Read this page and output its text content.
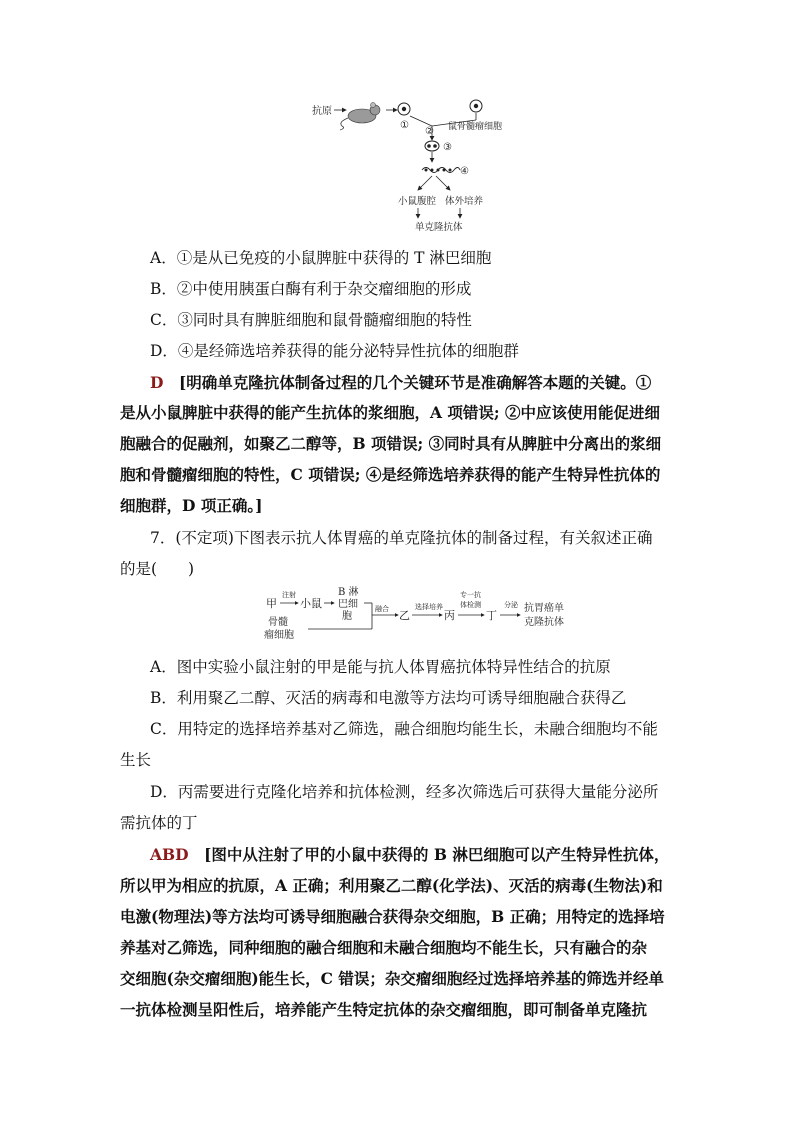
抗原
①	鼠骨髓瘤细胞
②
③
④
小鼠腹腔 体外培养
单克隆抗体
A．①是从已免疫的小鼠脾脏中获得的 T 淋巴细胞
B．②中使用胰蛋白酶有利于杂交瘤细胞的形成
C．③同时具有脾脏细胞和鼠骨髓瘤细胞的特性
D．④是经筛选培养获得的能分泌特异性抗体的细胞群
D　 [明确单克隆抗体制备过程的几个关键环节是准确解答本题的关键。①
是从小鼠脾脏中获得的能产生抗体的浆细胞，A 项错误; ②中应该使用能促进细
胞融合的促融剂，如聚乙二醇等，B 项错误; ③同时具有从脾脏中分离出的浆细
胞和骨髓瘤细胞的特性，C 项错误; ④是经筛选培养获得的能产生特异性抗体的
细胞群，D 项正确。]
7．(不定项)下图表示抗人体胃癌的单克隆抗体的制备过程，有关叙述正确
的是(　　)
甲
注射
小鼠
B 淋
巴细
胞
融合
骨髓
瘤细胞
乙
选择培养
丙
专一抗
体检测
丁
分泌 抗胃癌单
克隆抗体
A．图中实验小鼠注射的甲是能与抗人体胃癌抗体特异性结合的抗原
B．利用聚乙二醇、灭活的病毒和电激等方法均可诱导细胞融合获得乙
C．用特定的选择培养基对乙筛选，融合细胞均能生长，未融合细胞均不能
生长
D．丙需要进行克隆化培养和抗体检测，经多次筛选后可获得大量能分泌所
需抗体的丁
ABD　 [图中从注射了甲的小鼠中获得的 B 淋巴细胞可以产生特异性抗体，
所以甲为相应的抗原，A 正确；利用聚乙二醇(化学法)、灭活的病毒(生物法)和
电激(物理法)等方法均可诱导细胞融合获得杂交细胞，B 正确；用特定的选择培
养基对乙筛选，同种细胞的融合细胞和未融合细胞均不能生长，只有融合的杂
交细胞(杂交瘤细胞)能生长，C 错误；杂交瘤细胞经过选择培养基的筛选并经单
一抗体检测呈阳性后，培养能产生特定抗体的杂交瘤细胞，即可制备单克隆抗
